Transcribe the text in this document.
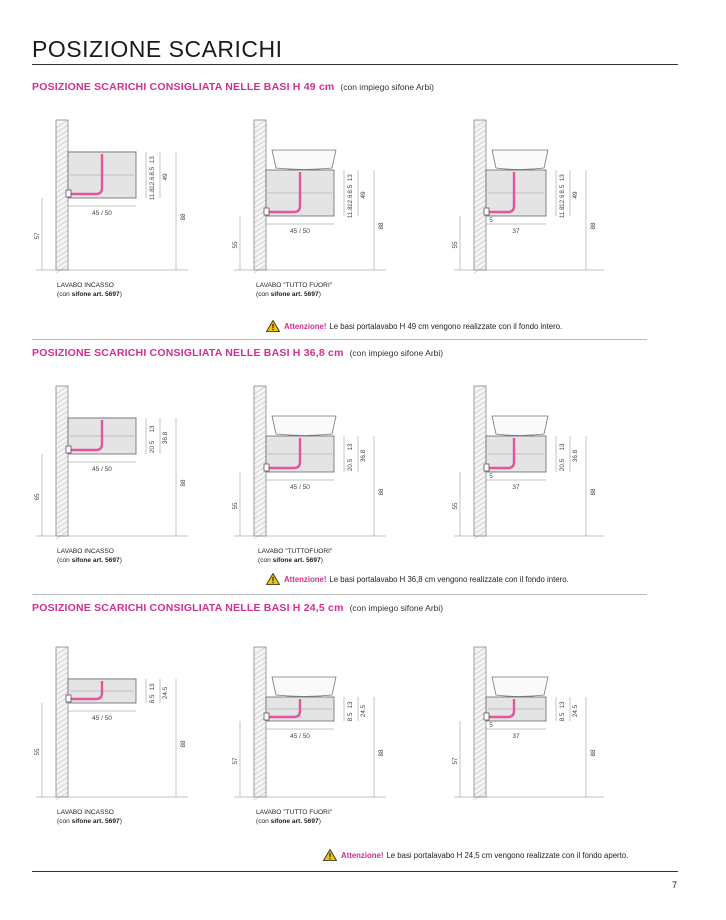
POSIZIONE SCARICHI
POSIZIONE SCARICHI CONSIGLIATA NELLE BASI H 49 cm (con impiego sifone Arbi)
57
45 / 50	88
49
11.8
12.6
8.5
13
55
45 / 50
88
49
11.8
12.6
8.5
13
55
37
5
88
49
11.8
12.6
8.5
13
LAVABO INCASSO
(con sifone art. 5697)
LAVABO "TUTTO FUORI"
(con sifone art. 5697)
Attenzione! Le basi portalavabo H 49 cm vengono realizzate con il fondo intero.
POSIZIONE SCARICHI CONSIGLIATA NELLE BASI H 36,8 cm (con impiego sifone Arbi)
65
45 / 50
88
36.8
20.5
13
55
45 / 50
88
36.8
20.5
13
55
37
5
88
36.8
20.5
13
LAVABO INCASSO
(con sifone art. 5697)
LAVABO "TUTTOFUORI"
(con sifone art. 5697)
Attenzione! Le basi portalavabo H 36,8 cm vengono realizzate con il fondo intero.
POSIZIONE SCARICHI CONSIGLIATA NELLE BASI H 24,5 cm (con impiego sifone Arbi)
55
45 / 50
88
24.5
8.5
13
57
45 / 50
88
24.5
8.5
13
57
37
5
88
24.5
8.5
13
LAVABO INCASSO
(con sifone art. 5697)
LAVABO "TUTTO FUORI"
(con sifone art. 5697)
Attenzione! Le basi portalavabo H 24,5 cm vengono realizzate con il fondo aperto.
7
